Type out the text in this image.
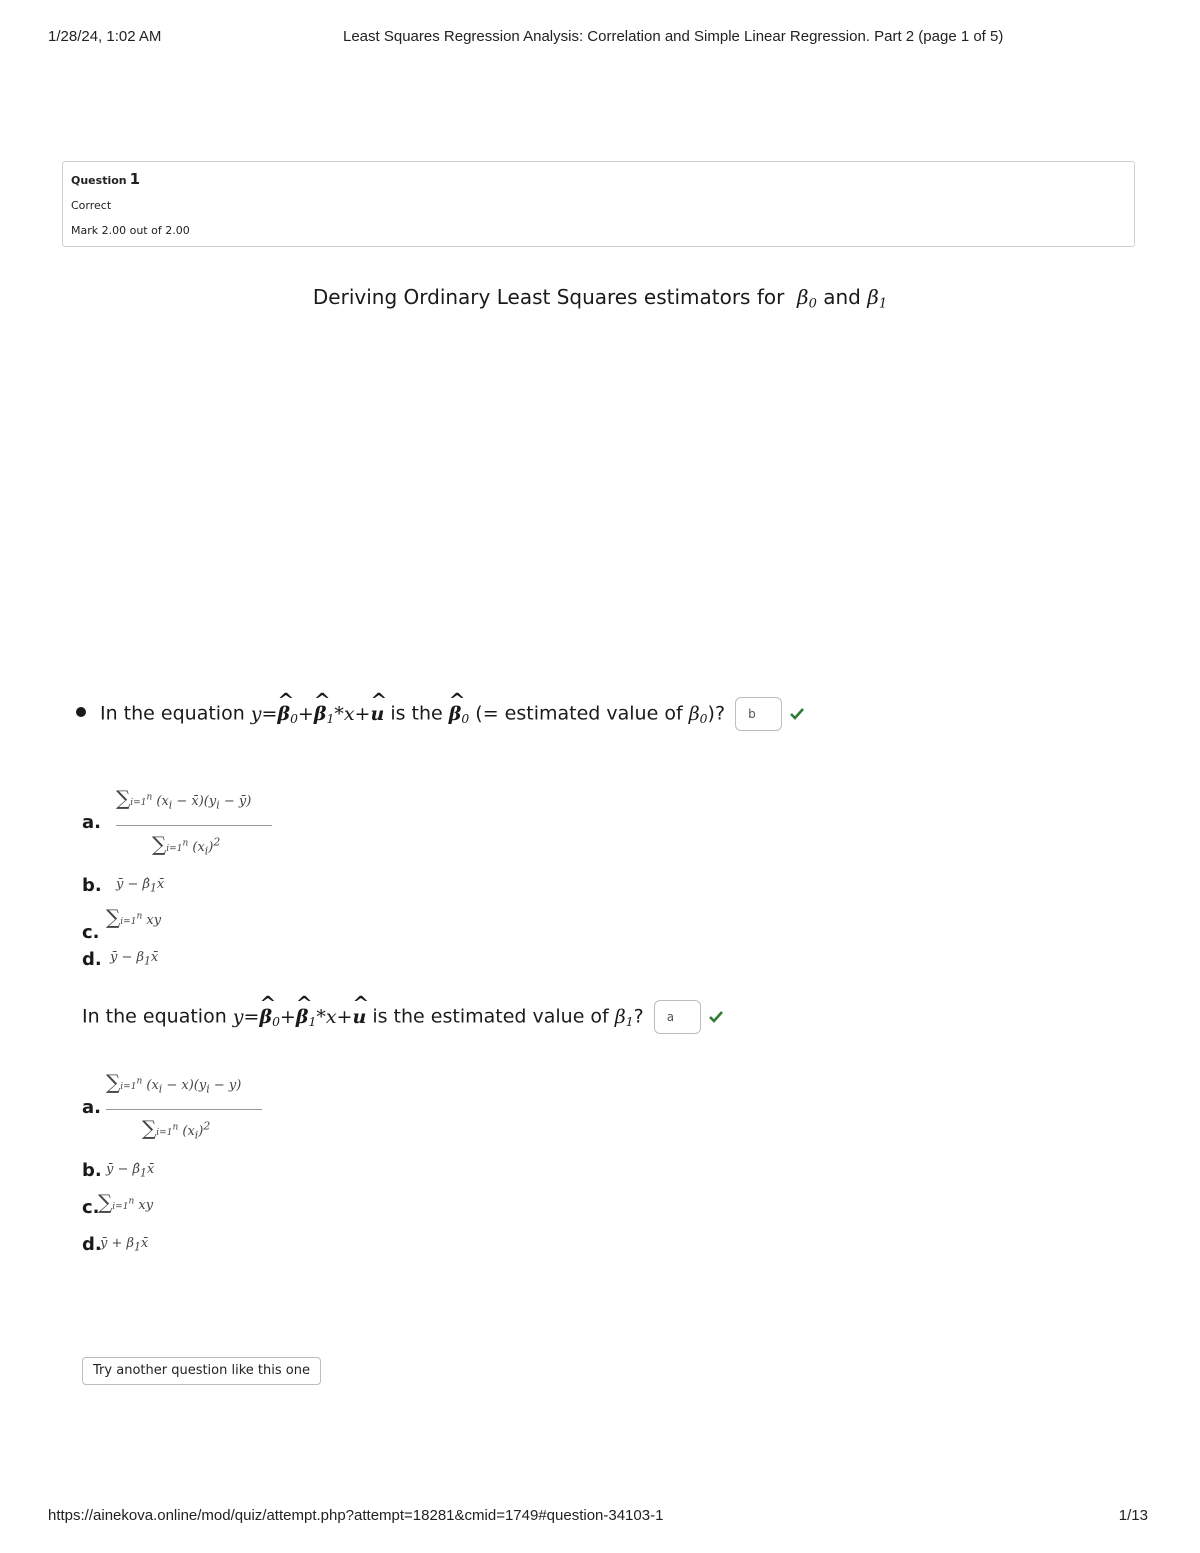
1/28/24, 1:02 AM	Least Squares Regression Analysis: Correlation and Simple Linear Regression. Part 2 (page 1 of 5)
Question 1
Correct
Mark 2.00 out of 2.00
Deriving Ordinary Least Squares estimators for  $\beta_0$ and $\beta_1$
In the equation y=^ $\beta_0+\^{}$ $\beta_1*x+\^{}$ u is the ^ $\beta_0$ (= estimated value of $\beta_0$)? b
a.
$\sum i=1^n$ ($x_i$ − $x̄)(y_i$ − ȳ)
$\sum i=1^n$ $(x_i)^2$
b. ȳ − $\betâ_1x̄$
c.
$\sum i=1^n$ xy
d. ȳ − $\beta_1x̄$
In the equation y=^ $\beta_0+\^{}$ $\beta_1*x+\^{}$ u is the estimated value of $\beta_1$? a
a.
$\sum i=1^n$ $(x_i - x)(y_i - y)$
$\sum i=1^n$ $(x_i)^2$
b. ȳ − $\betâ_1x̄$
c.
$\sum i=1^n$ xy
d.
ȳ + $\beta_1x̄$
Try another question like this one
https://ainekova.online/mod/quiz/attempt.php?attempt=18281&cmid=1749#question-34103-1	1/13
